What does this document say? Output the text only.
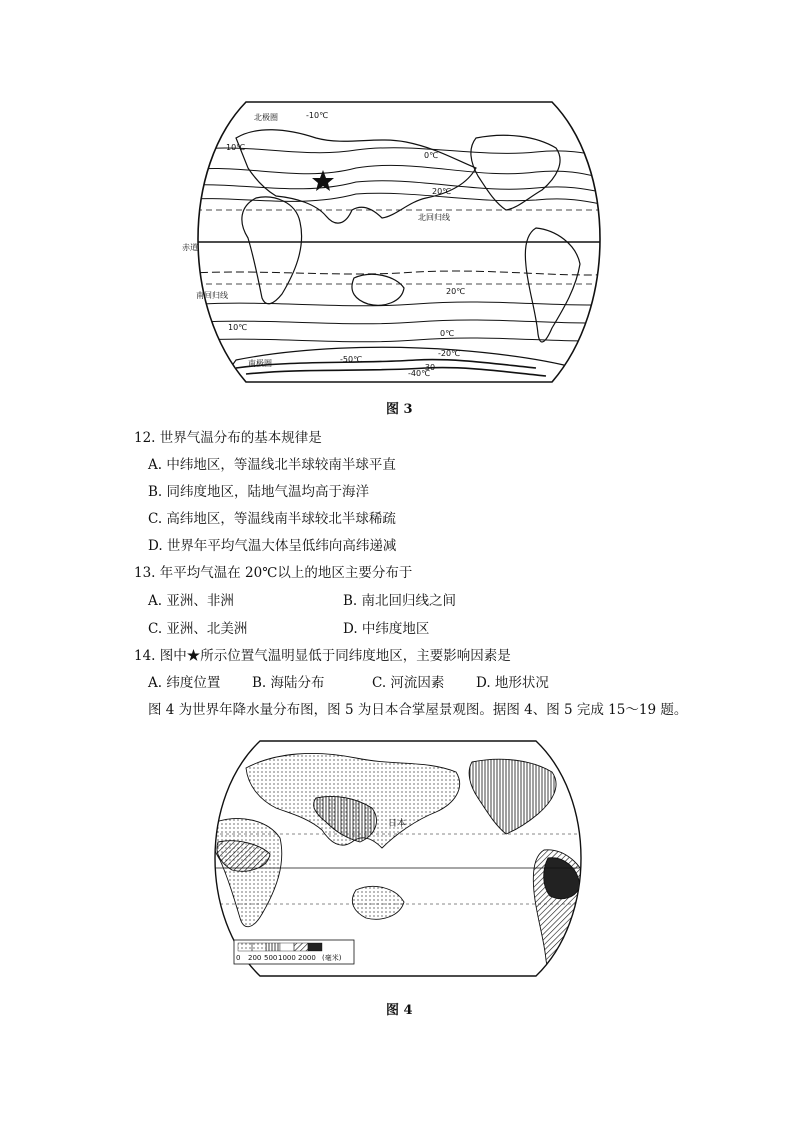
北极圈
南极圈
北回归线
南回归线
赤道
-10℃
0℃
10℃
20℃
20℃
10℃
0℃
-20℃
-40℃
-50℃
-30
图 3
12. 世界气温分布的基本规律是
A. 中纬地区，等温线北半球较南半球平直
B. 同纬度地区，陆地气温均高于海洋
C. 高纬地区，等温线南半球较北半球稀疏
D. 世界年平均气温大体呈低纬向高纬递减
13. 年平均气温在 20℃以上的地区主要分布于
A. 亚洲、非洲	B. 南北回归线之间
C. 亚洲、北美洲	D. 中纬度地区
14. 图中★所示位置气温明显低于同纬度地区，主要影响因素是
A. 纬度位置 B. 海陆分布	C. 河流因素 D. 地形状况
图 4 为世界年降水量分布图，图 5 为日本合掌屋景观图。据图 4、图 5 完成 15～19 题。
日本
0 200 500 1000 2000 (毫米)
图 4
